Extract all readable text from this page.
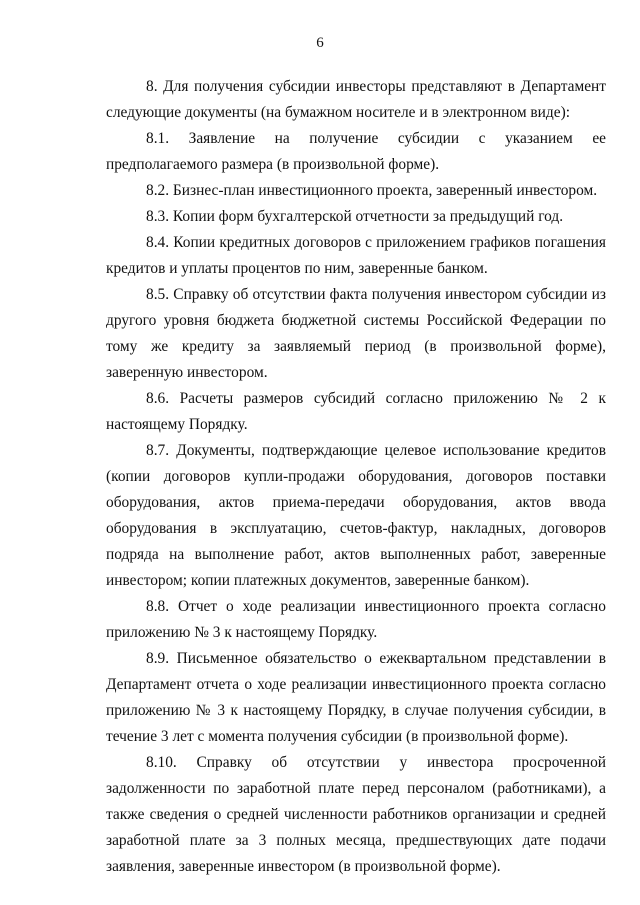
6

8. Для получения субсидии инвесторы представляют в Департамент следующие документы (на бумажном носителе и в электронном виде):

8.1. Заявление на получение субсидии с указанием ее предполагаемого размера (в произвольной форме).

8.2. Бизнес-план инвестиционного проекта, заверенный инвестором.

8.3. Копии форм бухгалтерской отчетности за предыдущий год.

8.4. Копии кредитных договоров с приложением графиков погашения кредитов и уплаты процентов по ним, заверенные банком.

8.5. Справку об отсутствии факта получения инвестором субсидии из другого уровня бюджета бюджетной системы Российской Федерации по тому же кредиту за заявляемый период (в произвольной форме), заверенную инвестором.

8.6. Расчеты размеров субсидий согласно приложению № 2 к настоящему Порядку.

8.7. Документы, подтверждающие целевое использование кредитов (копии договоров купли-продажи оборудования, договоров поставки оборудования, актов приема-передачи оборудования, актов ввода оборудования в эксплуатацию, счетов-фактур, накладных, договоров подряда на выполнение работ, актов выполненных работ, заверенные инвестором; копии платежных документов, заверенные банком).

8.8. Отчет о ходе реализации инвестиционного проекта согласно приложению № 3 к настоящему Порядку.

8.9. Письменное обязательство о ежеквартальном представлении в Департамент отчета о ходе реализации инвестиционного проекта согласно приложению № 3 к настоящему Порядку, в случае получения субсидии, в течение 3 лет с момента получения субсидии (в произвольной форме).

8.10. Справку об отсутствии у инвестора просроченной задолженности по заработной плате перед персоналом (работниками), а также сведения о средней численности работников организации и средней заработной плате за 3 полных месяца, предшествующих дате подачи заявления, заверенные инвестором (в произвольной форме).
